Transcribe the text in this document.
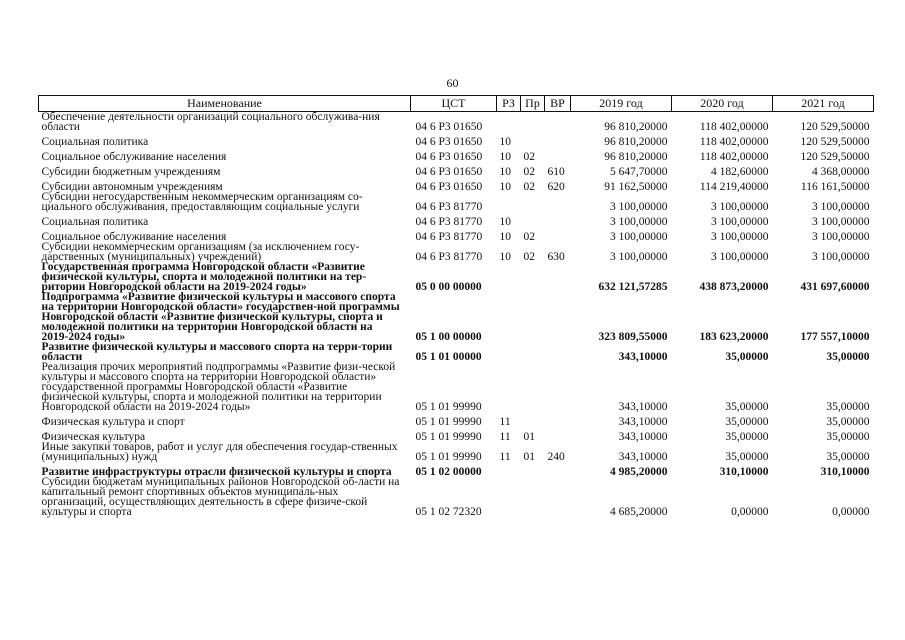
60
Наименование	ЦСТ	РЗ	Пр	ВР	2019 год	2020 год	2021 год
Обеспечение деятельности организаций социального обслужива-ния области	04 6 Р3 01650				96 810,20000	118 402,00000	120 529,50000
Социальная политика	04 6 Р3 01650	10			96 810,20000	118 402,00000	120 529,50000
Социальное обслуживание населения	04 6 Р3 01650	10	02		96 810,20000	118 402,00000	120 529,50000
Субсидии бюджетным учреждениям	04 6 Р3 01650	10	02	610	5 647,70000	4 182,60000	4 368,00000
Субсидии автономным учреждениям	04 6 Р3 01650	10	02	620	91 162,50000	114 219,40000	116 161,50000
Субсидии негосударственным некоммерческим организациям со-циального обслуживания, предоставляющим социальные услуги	04 6 Р3 81770				3 100,00000	3 100,00000	3 100,00000
Социальная политика	04 6 Р3 81770	10			3 100,00000	3 100,00000	3 100,00000
Социальное обслуживание населения	04 6 Р3 81770	10	02		3 100,00000	3 100,00000	3 100,00000
Субсидии некоммерческим организациям (за исключением госу-дарственных (муниципальных) учреждений)	04 6 Р3 81770	10	02	630	3 100,00000	3 100,00000	3 100,00000
Государственная программа Новгородской области «Развитие физической культуры, спорта и молодежной политики на тер-ритории Новгородской области на 2019-2024 годы»	05 0 00 00000				632 121,57285	438 873,20000	431 697,60000
Подпрограмма «Развитие физической культуры и массового спорта на территории Новгородской области» государствен-ной программы Новгородской области «Развитие физической культуры, спорта и молодежной политики на территории Новгородской области на 2019-2024 годы»	05 1 00 00000				323 809,55000	183 623,20000	177 557,10000
Развитие физической культуры и массового спорта на терри-тории области	05 1 01 00000				343,10000	35,00000	35,00000
Реализация прочих мероприятий подпрограммы «Развитие физи-ческой культуры и массового спорта на территории Новгородской области» государственной программы Новгородской области «Развитие физической культуры, спорта и молодежной политики на территории Новгородской области на 2019-2024 годы»	05 1 01 99990				343,10000	35,00000	35,00000
Физическая культура и спорт	05 1 01 99990	11			343,10000	35,00000	35,00000
Физическая культура	05 1 01 99990	11	01		343,10000	35,00000	35,00000
Иные закупки товаров, работ и услуг для обеспечения государ-ственных (муниципальных) нужд	05 1 01 99990	11	01	240	343,10000	35,00000	35,00000
Развитие инфраструктуры отрасли физической культуры и спорта	05 1 02 00000				4 985,20000	310,10000	310,10000
Субсидии бюджетам муниципальных районов Новгородской об-ласти на капитальный ремонт спортивных объектов муниципаль-ных организаций, осуществляющих деятельность в сфере физиче-ской культуры и спорта	05 1 02 72320				4 685,20000	0,00000	0,00000
